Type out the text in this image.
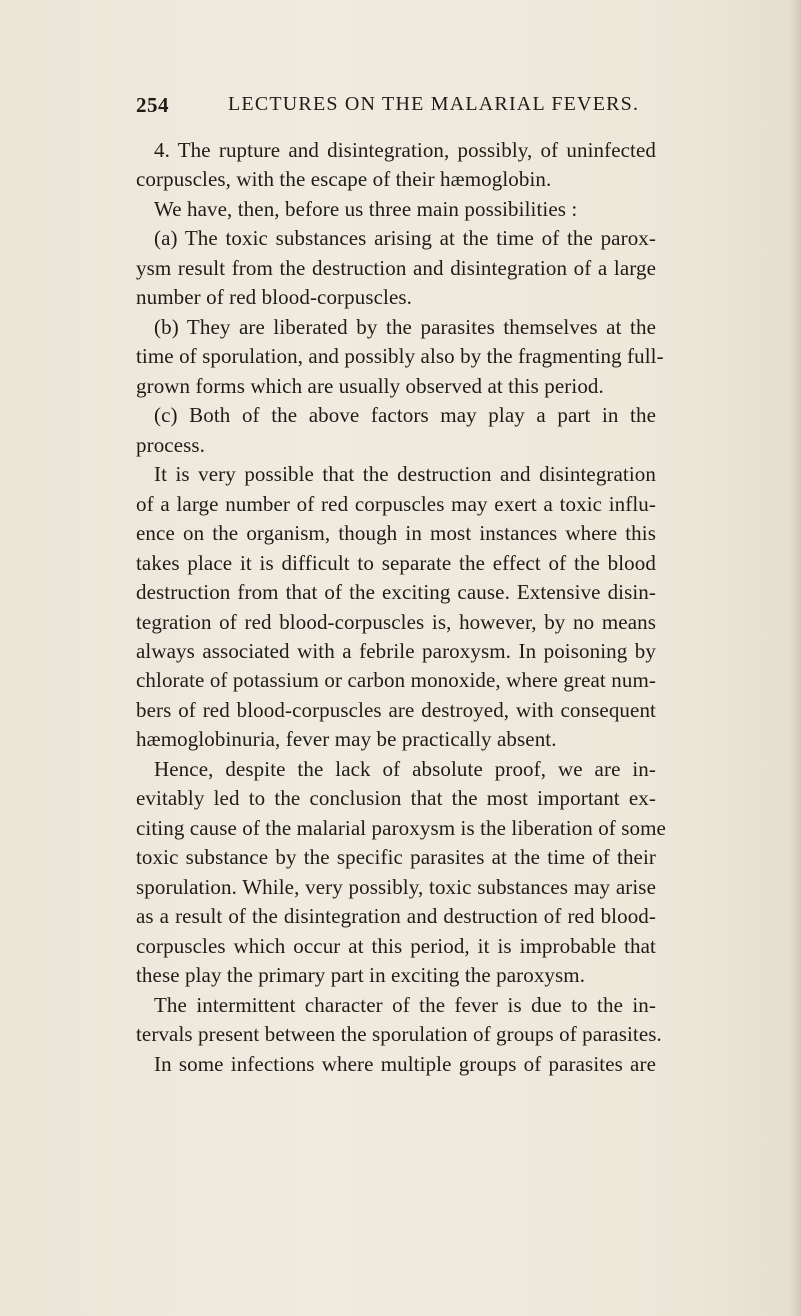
254	LECTURES ON THE MALARIAL FEVERS.
4. The rupture and disintegration, possibly, of uninfected
corpuscles, with the escape of their hæmoglobin.
We have, then, before us three main possibilities :
(a) The toxic substances arising at the time of the parox-
ysm result from the destruction and disintegration of a large
number of red blood-corpuscles.
(b) They are liberated by the parasites themselves at the
time of sporulation, and possibly also by the fragmenting full-
grown forms which are usually observed at this period.
(c) Both of the above factors may play a part in the
process.
It is very possible that the destruction and disintegration
of a large number of red corpuscles may exert a toxic influ-
ence on the organism, though in most instances where this
takes place it is difficult to separate the effect of the blood
destruction from that of the exciting cause. Extensive disin-
tegration of red blood-corpuscles is, however, by no means
always associated with a febrile paroxysm. In poisoning by
chlorate of potassium or carbon monoxide, where great num-
bers of red blood-corpuscles are destroyed, with consequent
hæmoglobinuria, fever may be practically absent.
Hence, despite the lack of absolute proof, we are in-
evitably led to the conclusion that the most important ex-
citing cause of the malarial paroxysm is the liberation of some
toxic substance by the specific parasites at the time of their
sporulation. While, very possibly, toxic substances may arise
as a result of the disintegration and destruction of red blood-
corpuscles which occur at this period, it is improbable that
these play the primary part in exciting the paroxysm.
The intermittent character of the fever is due to the in-
tervals present between the sporulation of groups of parasites.
In some infections where multiple groups of parasites are
